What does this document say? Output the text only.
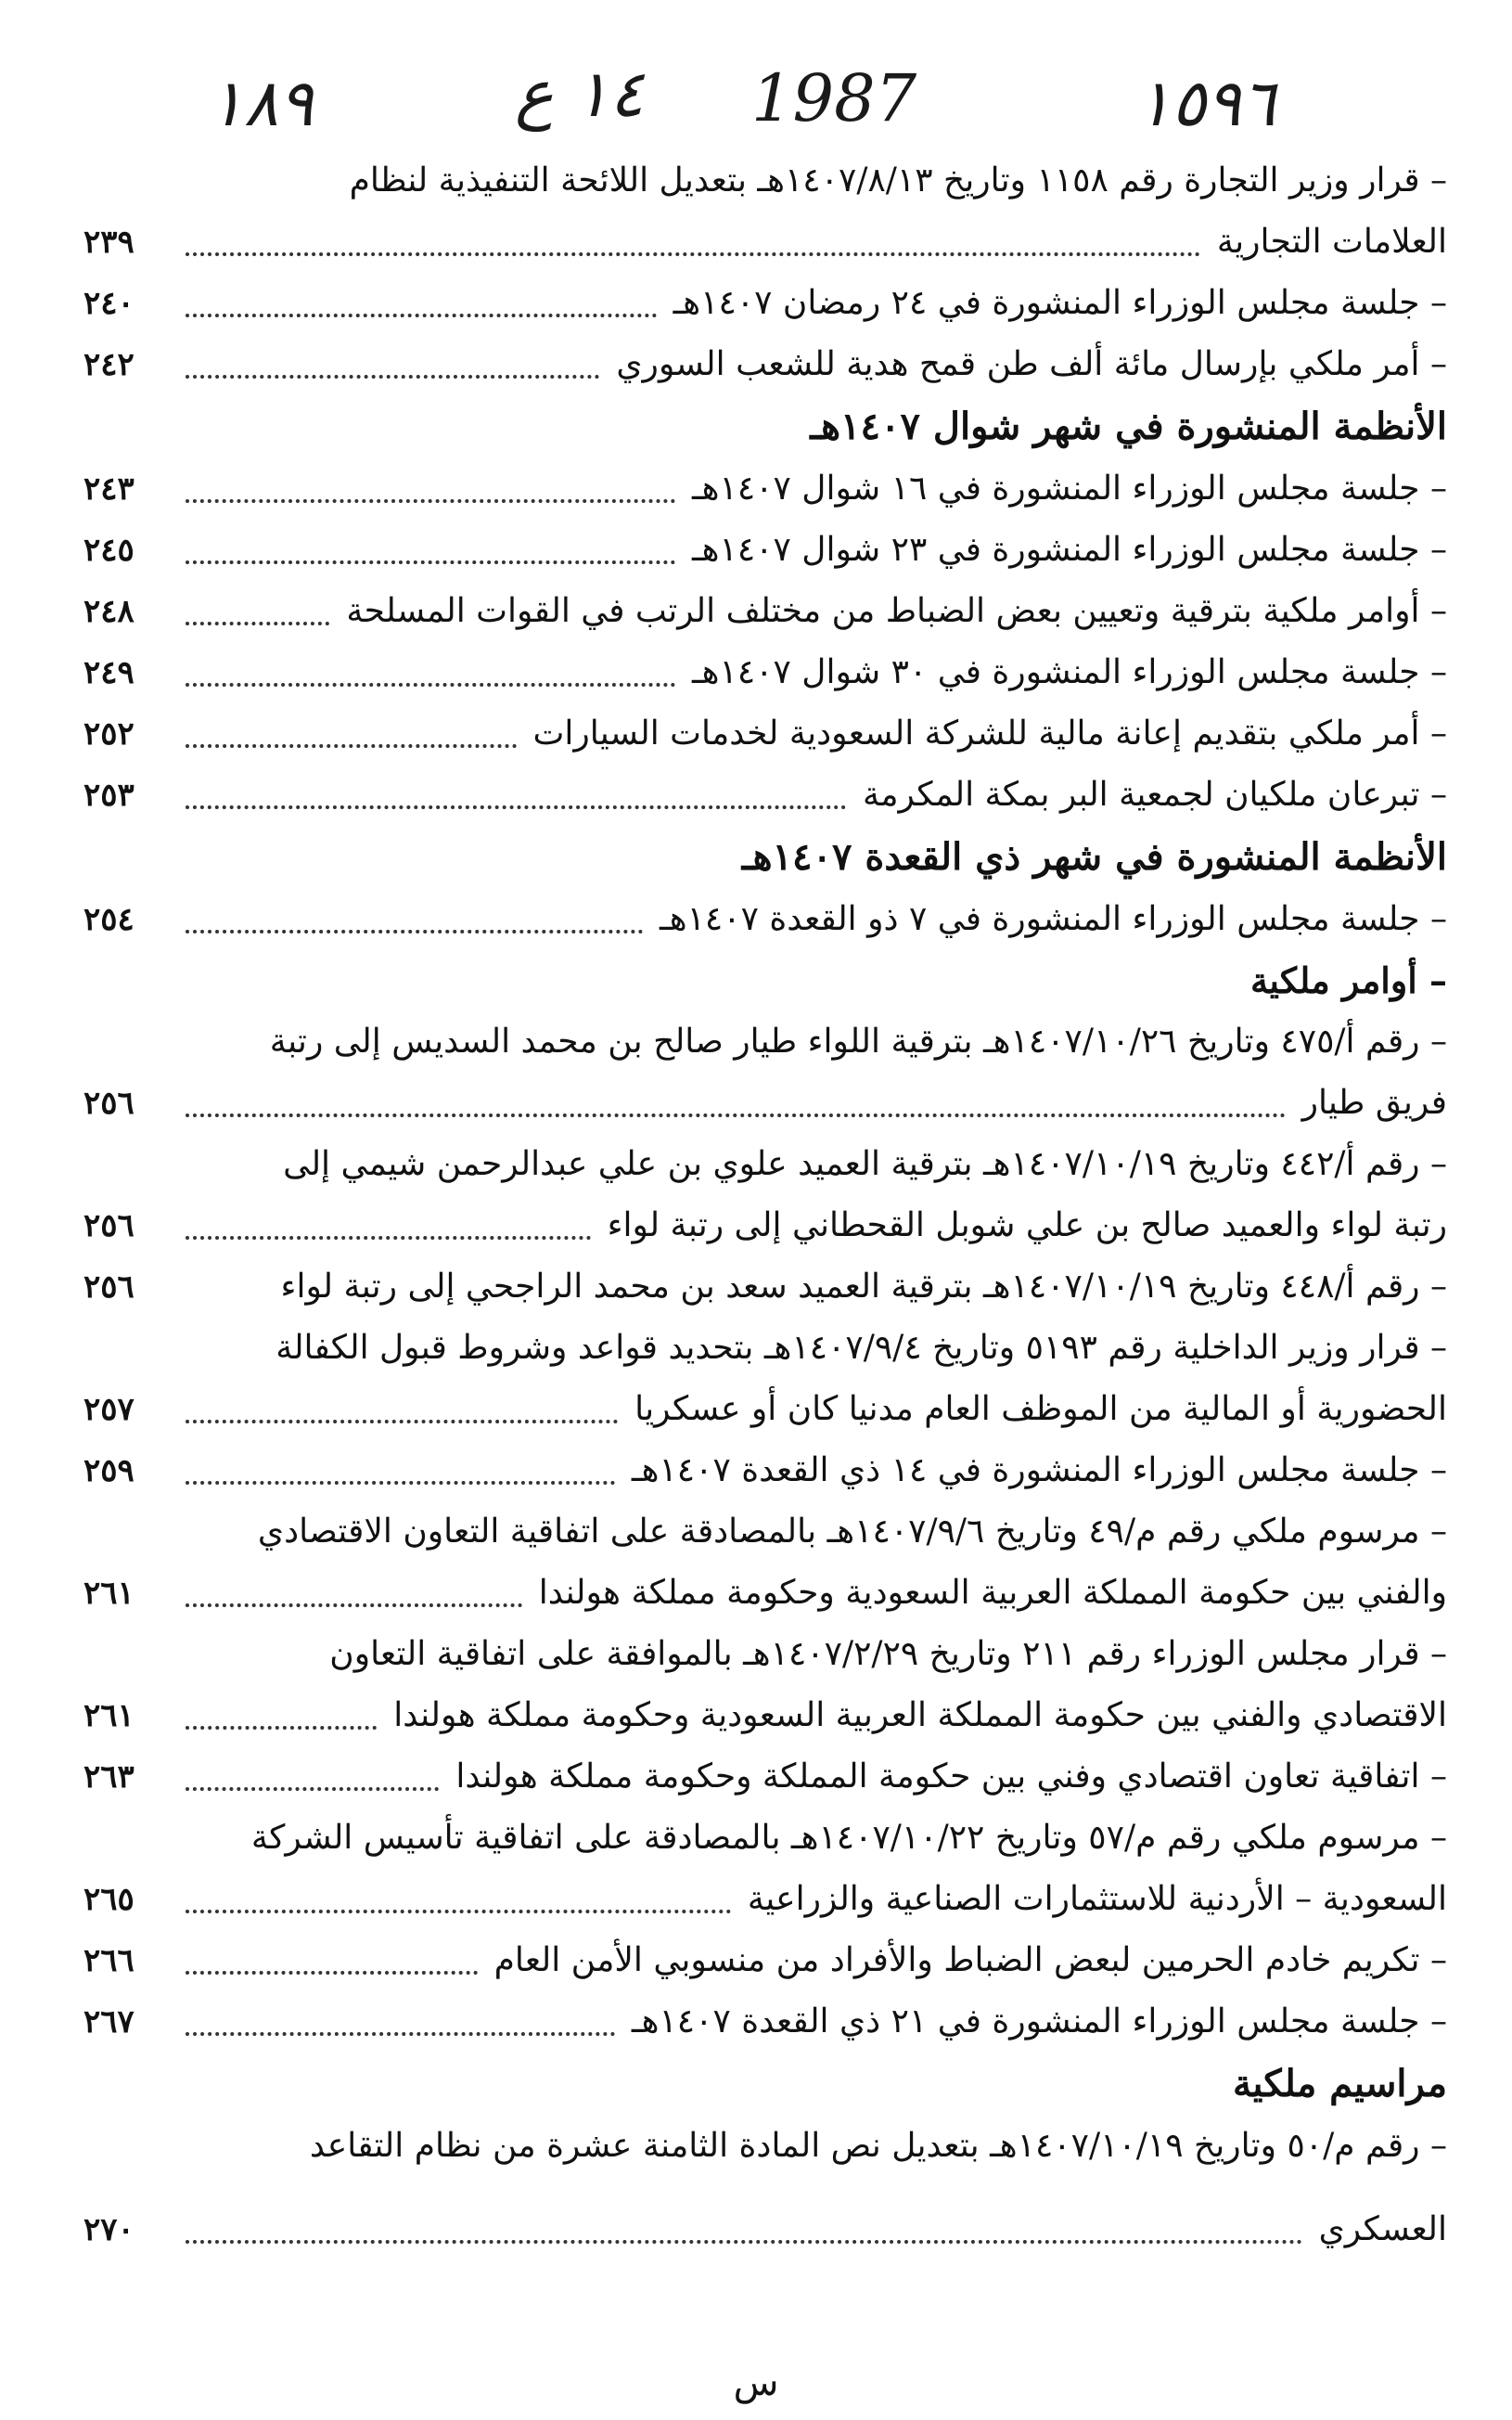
١٨٩	١٤ ع 1987	١٥٩٦
– قرار وزير التجارة رقم ١١٥٨ وتاريخ ١٤٠٧/٨/١٣هـ بتعديل اللائحة التنفيذية لنظام
العلامات التجارية
٢٣٩
– جلسة مجلس الوزراء المنشورة في ٢٤ رمضان ١٤٠٧هـ
٢٤٠
– أمر ملكي بإرسال مائة ألف طن قمح هدية للشعب السوري
٢٤٢
الأنظمة المنشورة في شهر شوال ١٤٠٧هـ
– جلسة مجلس الوزراء المنشورة في ١٦ شوال ١٤٠٧هـ
٢٤٣
– جلسة مجلس الوزراء المنشورة في ٢٣ شوال ١٤٠٧هـ
٢٤٥
– أوامر ملكية بترقية وتعيين بعض الضباط من مختلف الرتب في القوات المسلحة
٢٤٨
– جلسة مجلس الوزراء المنشورة في ٣٠ شوال ١٤٠٧هـ
٢٤٩
– أمر ملكي بتقديم إعانة مالية للشركة السعودية لخدمات السيارات
٢٥٢
– تبرعان ملكيان لجمعية البر بمكة المكرمة
٢٥٣
الأنظمة المنشورة في شهر ذي القعدة ١٤٠٧هـ
– جلسة مجلس الوزراء المنشورة في ٧ ذو القعدة ١٤٠٧هـ
٢٥٤
– أوامر ملكية
– رقم أ/٤٧٥ وتاريخ ١٤٠٧/١٠/٢٦هـ بترقية اللواء طيار صالح بن محمد السديس إلى رتبة
فريق طيار
٢٥٦
– رقم أ/٤٤٢ وتاريخ ١٤٠٧/١٠/١٩هـ بترقية العميد علوي بن علي عبدالرحمن شيمي إلى
رتبة لواء والعميد صالح بن علي شوبل القحطاني إلى رتبة لواء
٢٥٦
– رقم أ/٤٤٨ وتاريخ ١٤٠٧/١٠/١٩هـ بترقية العميد سعد بن محمد الراجحي إلى رتبة لواء
٢٥٦
– قرار وزير الداخلية رقم ٥١٩٣ وتاريخ ١٤٠٧/٩/٤هـ بتحديد قواعد وشروط قبول الكفالة
الحضورية أو المالية من الموظف العام مدنيا كان أو عسكريا
٢٥٧
– جلسة مجلس الوزراء المنشورة في ١٤ ذي القعدة ١٤٠٧هـ
٢٥٩
– مرسوم ملكي رقم م/٤٩ وتاريخ ١٤٠٧/٩/٦هـ بالمصادقة على اتفاقية التعاون الاقتصادي
والفني بين حكومة المملكة العربية السعودية وحكومة مملكة هولندا
٢٦١
– قرار مجلس الوزراء رقم ٢١١ وتاريخ ١٤٠٧/٢/٢٩هـ بالموافقة على اتفاقية التعاون
الاقتصادي والفني بين حكومة المملكة العربية السعودية وحكومة مملكة هولندا
٢٦١
– اتفاقية تعاون اقتصادي وفني بين حكومة المملكة وحكومة مملكة هولندا
٢٦٣
– مرسوم ملكي رقم م/٥٧ وتاريخ ١٤٠٧/١٠/٢٢هـ بالمصادقة على اتفاقية تأسيس الشركة
السعودية – الأردنية للاستثمارات الصناعية والزراعية
٢٦٥
– تكريم خادم الحرمين لبعض الضباط والأفراد من منسوبي الأمن العام
٢٦٦
– جلسة مجلس الوزراء المنشورة في ٢١ ذي القعدة ١٤٠٧هـ
٢٦٧
مراسيم ملكية
– رقم م/٥٠ وتاريخ ١٤٠٧/١٠/١٩هـ بتعديل نص المادة الثامنة عشرة من نظام التقاعد
العسكري
٢٧٠
س
